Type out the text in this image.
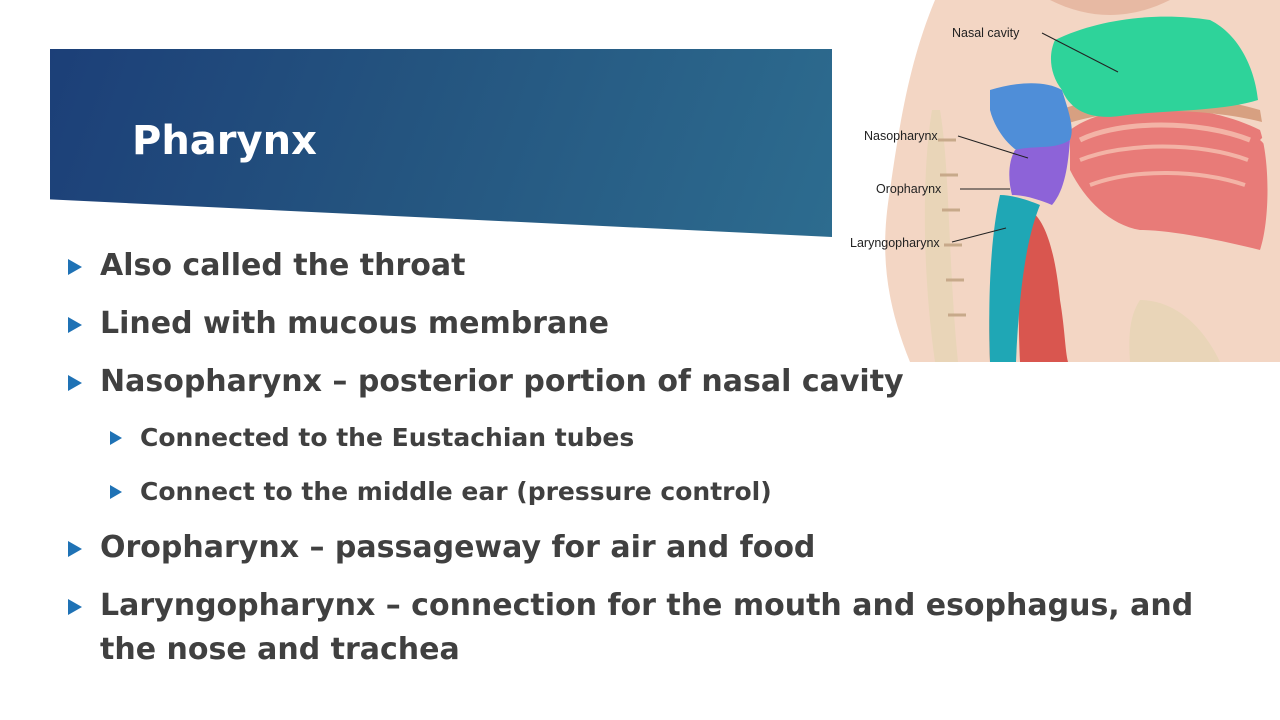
Pharynx
Nasal cavity
Nasopharynx
Oropharynx
Laryngopharynx
Also called the throat
Lined with mucous membrane
Nasopharynx – posterior portion of nasal cavity
Connected to the Eustachian tubes
Connect to the middle ear (pressure control)
Oropharynx – passageway for air and food
Laryngopharynx – connection for the mouth and esophagus, and the nose and trachea
